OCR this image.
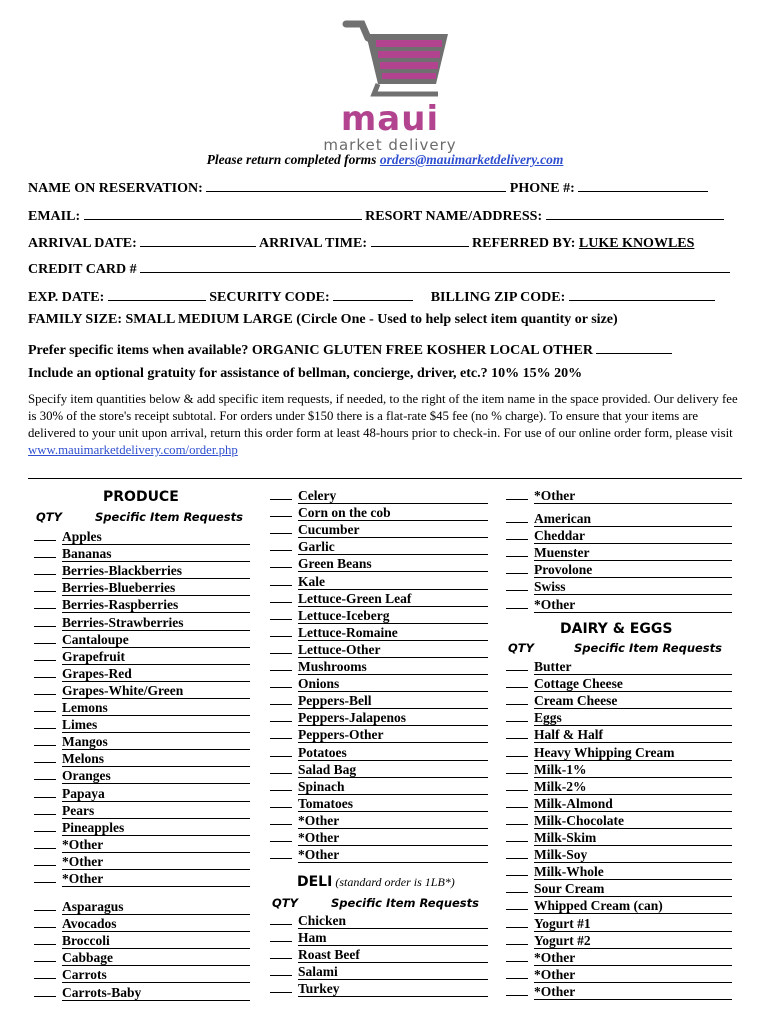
maui
market delivery
Please return completed forms orders@mauimarketdelivery.com
NAME ON RESERVATION:	PHONE #:
EMAIL:	RESORT NAME/ADDRESS:
ARRIVAL DATE:	ARRIVAL TIME:	REFERRED BY: LUKE KNOWLES
CREDIT CARD #
EXP. DATE:	SECURITY CODE:	BILLING ZIP CODE:
FAMILY SIZE: SMALL MEDIUM LARGE (Circle One - Used to help select item quantity or size)
Prefer specific items when available? ORGANIC GLUTEN FREE KOSHER LOCAL OTHER
Include an optional gratuity for assistance of bellman, concierge, driver, etc.? 10% 15% 20%
Specify item quantities below & add specific item requests, if needed, to the right of the item name in the space provided. Our delivery fee is 30% of the store's receipt subtotal. For orders under $150 there is a flat-rate $45 fee (no % charge). To ensure that your items are delivered to your unit upon arrival, return this order form at least 48-hours prior to check-in. For use of our online order form, please visit www.mauimarketdelivery.com/order.php
PRODUCE
QTY	Specific Item Requests
Apples
Bananas
Berries-Blackberries
Berries-Blueberries
Berries-Raspberries
Berries-Strawberries
Cantaloupe
Grapefruit
Grapes-Red
Grapes-White/Green
Lemons
Limes
Mangos
Melons
Oranges
Papaya
Pears
Pineapples
*Other
*Other
*Other
Asparagus
Avocados
Broccoli
Cabbage
Carrots
Carrots-Baby
Celery
Corn on the cob
Cucumber
Garlic
Green Beans
Kale
Lettuce-Green Leaf
Lettuce-Iceberg
Lettuce-Romaine
Lettuce-Other
Mushrooms
Onions
Peppers-Bell
Peppers-Jalapenos
Peppers-Other
Potatoes
Salad Bag
Spinach
Tomatoes
*Other
*Other
*Other
DELI (standard order is 1LB*)
QTY	Specific Item Requests
Chicken
Ham
Roast Beef
Salami
Turkey
*Other
American
Cheddar
Muenster
Provolone
Swiss
*Other
DAIRY & EGGS
QTY	Specific Item Requests
Butter
Cottage Cheese
Cream Cheese
Eggs
Half & Half
Heavy Whipping Cream
Milk-1%
Milk-2%
Milk-Almond
Milk-Chocolate
Milk-Skim
Milk-Soy
Milk-Whole
Sour Cream
Whipped Cream (can)
Yogurt #1
Yogurt #2
*Other
*Other
*Other
